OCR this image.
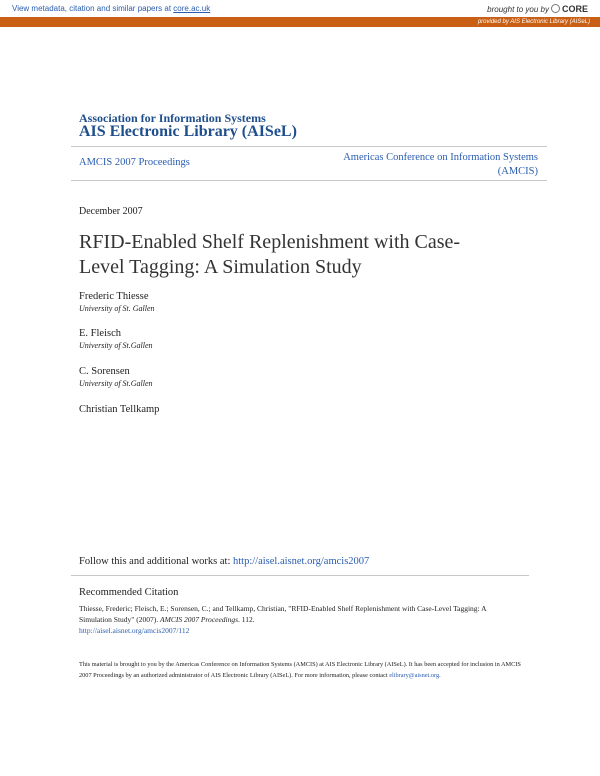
View metadata, citation and similar papers at core.ac.uk	brought to you by CORE
provided by AIS Electronic Library (AISeL)
Association for Information Systems
AIS Electronic Library (AISeL)
AMCIS 2007 Proceedings	Americas Conference on Information Systems
(AMCIS)
December 2007
RFID-Enabled Shelf Replenishment with Case-
Level Tagging: A Simulation Study
Frederic Thiesse
University of St. Gallen
E. Fleisch
University of St.Gallen
C. Sorensen
University of St.Gallen
Christian Tellkamp
Follow this and additional works at: http://aisel.aisnet.org/amcis2007
Recommended Citation
Thiesse, Frederic; Fleisch, E.; Sorensen, C.; and Tellkamp, Christian, "RFID-Enabled Shelf Replenishment with Case-Level Tagging: A
Simulation Study" (2007). AMCIS 2007 Proceedings. 112.
http://aisel.aisnet.org/amcis2007/112
This material is brought to you by the Americas Conference on Information Systems (AMCIS) at AIS Electronic Library (AISeL). It has been accepted for inclusion in AMCIS 2007 Proceedings by an authorized administrator of AIS Electronic Library (AISeL). For more information, please contact elibrary@aisnet.org.
